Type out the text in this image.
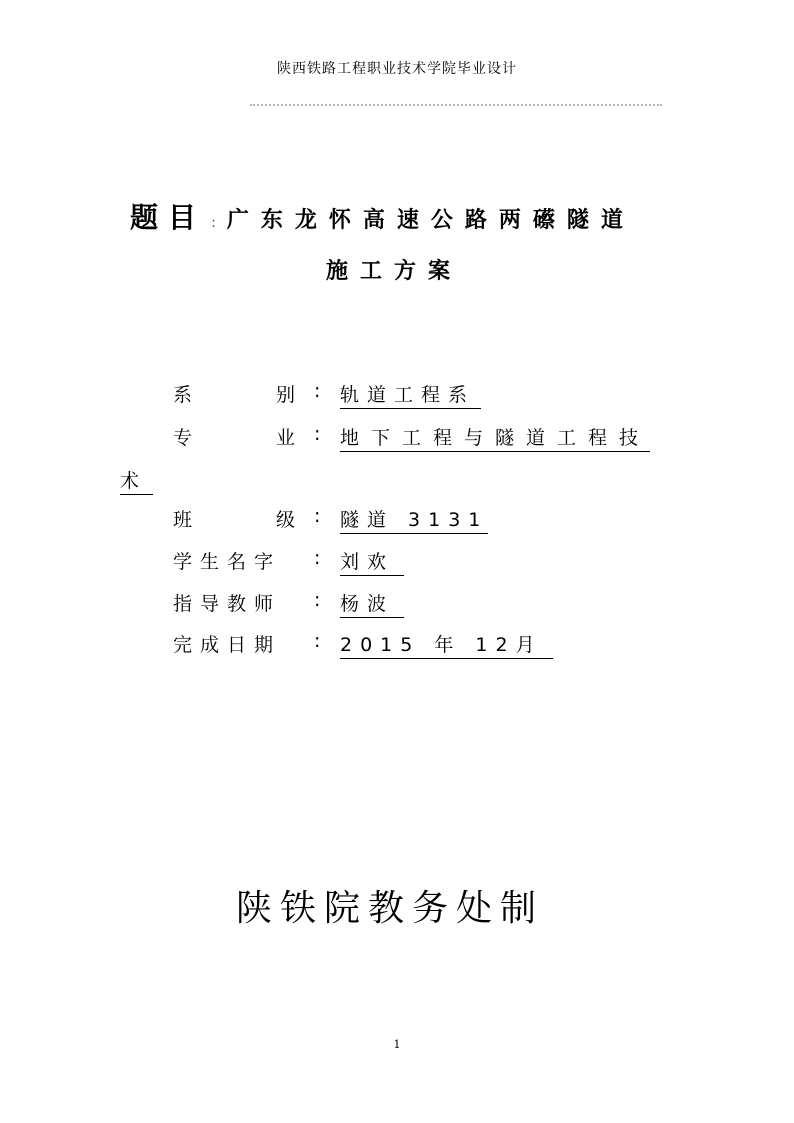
陕西铁路工程职业技术学院毕业设计
题目 : 广东龙怀高速公路两礤隧道
施工方案
系	别 : 轨道工程系
专	业 : 地下工程与隧道工程技
术
班	级 : 隧道 3131
学生名字	: 刘欢
指导教师	: 杨波
完成日期	: 2015 年 12月
陕铁院教务处制
1
